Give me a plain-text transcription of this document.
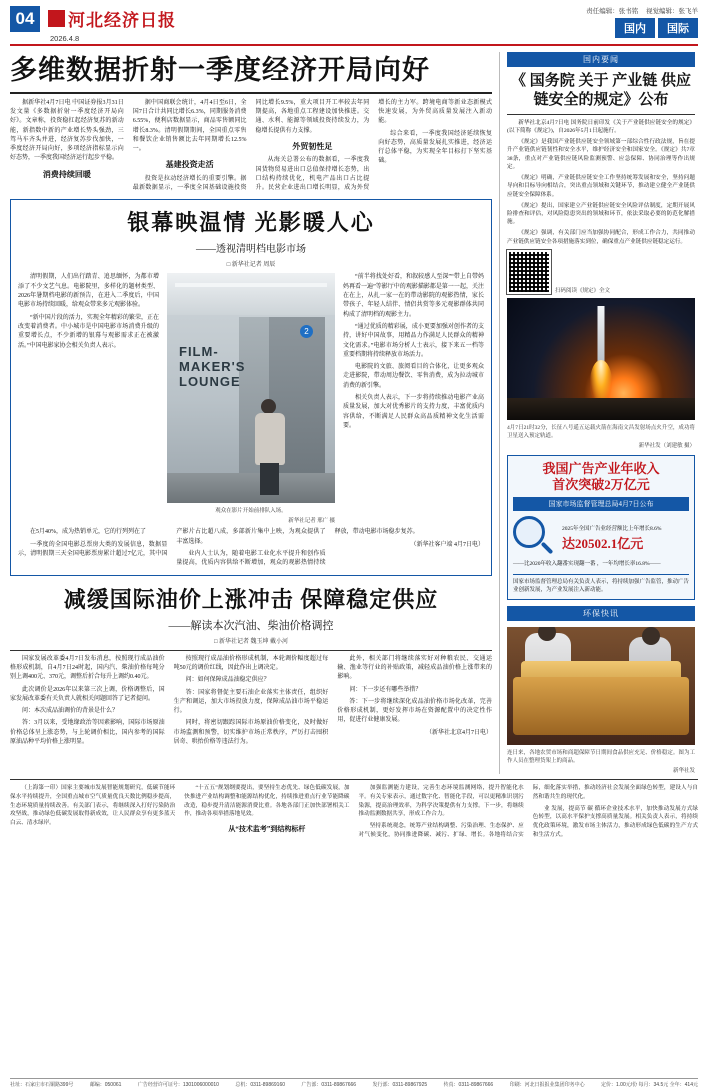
04	河北经济日报
2026.4.8
责任编辑：张书铭 视觉编辑：张飞羊
国内	国际
多维数据折射一季度经济开局向好

据新华社4月7日电 中国证券报3月31日发文量《多数据折射一季度经济开局向好》。文章称，投资稳扛起经济复苏的新动能，新指数中新的产业增长势头强劲，三驾马车齐头并进，经济复苏步伐加快，一季度经济开局向好，多项经济指标显示向好态势，一季度我国经济运行起步平稳。

消费持续回暖

据中国商联会统计，4月4日至6日，全国7日合计共同比增长6.3%，同期服务消费6.55%，便利店数据显示，商品零售额同比增长8.3%。清明假期期间，全国重点零售和餐饮企业销售额比去年同期增长12.5%一。

基建投资走活

投资是拉动经济增长的重要引擎。据最新数据显示，一季度全国基础设施投资同比增长9.5%，重大项目开工率较去年同期提高，各地重点工程建设加快推进。交通、水利、能源等领域投资持续发力，为稳增长提供有力支撑。

外贸韧性足

从海关总署公布的数据看，一季度我国货物贸易进出口总值保持增长态势，出口结构持续优化，机电产品出口占比提升。民营企业进出口增长明显，成为外贸增长的主力军。跨境电商等新业态新模式快速发展，为外贸高质量发展注入新动能。

综合来看，一季度我国经济延续恢复向好态势，高质量发展扎实推进，经济运行总体平稳，为实现全年目标打下坚实基础。

银幕映温情 光影暖人心
——透视清明档电影市场
□ 新华社记者 周辰

清明假期，人们出行踏青、追思缅怀，为都市增添了不少文艺气息。电影院里，多样化的题材类型、2026年暑期档电影的新预告，在进入二季度后，中国电影市场持续回暖，给观众带来多元观影体验。

“新中国片段的活力，实现全年精彩的繁荣，正在改变着消费者。中小城市是中国电影市场消费升级的重要增长点，不少新增的银幕与观影需求正在被激活。”中国电影家协会相关负责人表示。	FILM-MAKER'S LOUNGE
2
观众在影片开始前排队入场。
新华社记者 邢广 摄

“前半将找处好看，和叙较感人至深”“带上自带妈妈再看一遍”等影厅中的观影描影都是第一一起，关注在在上，从扎一家一在的带动影院的观影热情，家长带孩子、年轻人结伴、情侣共赏等多元观影群体共同构成了清明档的观影主力。

“通过优质的精彩展，成小更要加强对创作者的支持，讲好中国故事，用精品力作满足人民群众的精神文化需求。”电影市场分析人士表示，接下来五一档等重要档期将持续释放市场活力。

电影院的文旅、旅阅看目的合体化，让更多观众走进影院，带动周边餐饮、零售消费，成为拉动城市消费的新引擎。

相关负责人表示，下一步将持续推动电影产业高质量发展，加大对优秀影片的支持力度，丰富优质内容供给，不断满足人民群众高品质精神文化生活需要。

在5月40%，成为热销单元，它的行列列在了

一季度的全国电影总票房大类的发展信息，数据显示，清明假期三天全国电影票房累计超过7亿元，其中国产影片占比超八成，多部新片集中上映，为观众提供了丰富选择。

业内人士认为，随着电影工业化水平提升和创作质量提高，优质内容供给不断增加，观众的观影热情持续释放，带动电影市场稳步复苏。

（新华社客户端 4月7日电）

减缓国际油价上涨冲击 保障稳定供应
——解读本次汽油、柴油价格调控
□ 新华社记者 魏玉坤 戴小河

国家发展改革委4月7日发布消息，按照现行成品油价格形成机制，自4月7日24时起，国内汽、柴油价格每吨分别上调400元、370元，调整后折合每升上调约0.40元。

此次调价是2026年以来第三次上调，价格调整后，国家发展改革委有关负责人就相关问题回答了记者提问。

问：本次成品油调价的背景是什么？

答：3月以来，受地缘政治等因素影响，国际市场原油价格总体呈上涨态势，与上轮调价相比，国内参考的国际原油品种平均价格上涨明显。

按照现行成品油价格形成机制，本轮调价幅度超过每吨50元的调价红线，因此作出上调决定。

问：如何保障成品油稳定供应？

答：国家将督促主要石油企业落实主体责任，组织好生产和调运，加大市场投放力度，保障成品油市场平稳运行。

同时，将密切跟踪国际市场原油价格变化，及时做好市场监测和预警，切实维护市场正常秩序，严厉打击囤积居奇、哄抬价格等违法行为。

此外，相关部门将继续落实好对种粮农民、交通运输、渔业等行业的补贴政策，减轻成品油价格上涨带来的影响。

问：下一步还有哪些举措？

答：下一步将继续深化成品油价格市场化改革，完善价格形成机制，更好发挥市场在资源配置中的决定性作用，促进行业健康发展。

（新华社北京4月7日电）

国内要闻
《 国务院 关于 产业链 供应链安全的规定》公布

新华社北京4月7日电 国务院日前印发《关于产业链供应链安全的规定》(以下简称《规定》)，自2026年5月1日起施行。

《规定》是我国产业链供应链安全领域第一部综合性行政法规，旨在提升产业链供应链韧性和安全水平，维护经济安全和国家安全。《规定》共7章38条，重点对产业链供应链风险监测预警、应急保障、协同治理等作出规定。

《规定》明确，产业链供应链安全工作坚持统筹发展和安全，坚持问题导向和目标导向相结合，突出重点领域和关键环节，推动建立健全产业链供应链安全保障体系。

《规定》提出，国家建立产业链供应链安全风险评估制度，定期开展风险排查和评估，对风险隐患突出的领域和环节，依法采取必要的防范化解措施。

《规定》强调，有关部门应当加强协同配合，形成工作合力，共同推动产业链供应链安全各项措施落实到位，确保重点产业链供应链稳定运行。

扫码阅读《规定》全文
4月7日21时32分，长征八号遥五运载火箭在海南文昌发射场点火升空，成功将卫星送入预定轨道。
新华社发（刘建敏 摄）
我国广告产业年收入
首次突破2万亿元
国家市场监督管理总局4月7日公布
2025年全国广告业经营额比上年增长8.6%
达20502.1亿元
——比2020年收入翻番实现翻一番 ，一年均增长率16.8%——
国家市场监督管理总局有关负责人表示，将持续加强广告监管，推动广告业创新发展，为产业发展注入新动能。
环保快讯
连日来，各地农贸市场和商超保障节日期间食品供应充足、价格稳定。图为工作人员在整理货架上的商品。
新华社发

（上海第一印）国家主要城市发展智能规划研究，低碳节能环保水平持续提升，全国重点城市空气质量优良天数比例稳步提高，生态环境质量持续改善。有关部门表示，将继续深入打好污染防治攻坚战，推动绿色低碳发展取得新成效，让人民群众享有更多蓝天白云、清水绿岸。

“十五五”规划纲要提出，要坚持生态优先、绿色低碳发展，加快推进产业结构调整和能源结构优化，持续推进重点行业节能降碳改造，稳步提升清洁能源消费比重。各地各部门正加快部署相关工作，推动各项举措落地见效。

从“技术监考”到结构标杆

加强监测能力建设，完善生态环境监测网络，提升智能化水平。有关专家表示，通过数字化、智能化手段，可以更精准识别污染源，提高治理效率，为科学决策提供有力支撑。下一步，将继续推动监测数据共享，形成工作合力。

坚持系统观念，统筹产业结构调整、污染治理、生态保护、应对气候变化，协同推进降碳、减污、扩绿、增长。各地将结合实际，细化落实举措，推动经济社会发展全面绿色转型，建设人与自然和谐共生的现代化。

业 发展，提高节 碳 循环企业技术水平，加快推动发展方式绿色转型，以高水平保护支撑高质量发展。相关负责人表示，将持续优化政策环境，激发市场主体活力，推动形成绿色低碳的生产方式和生活方式。

社址：石家庄市石铜路399号	邮编：050061	广告经营许可证号：1301006000010	总机：0311-89869160	广告部：0311-89867666	发行部：0311-89867925	传真：0311-89867666	印刷：河北日报报业集团印务中心	定价：1.00元/份 每月：34.5元 全年：414元
